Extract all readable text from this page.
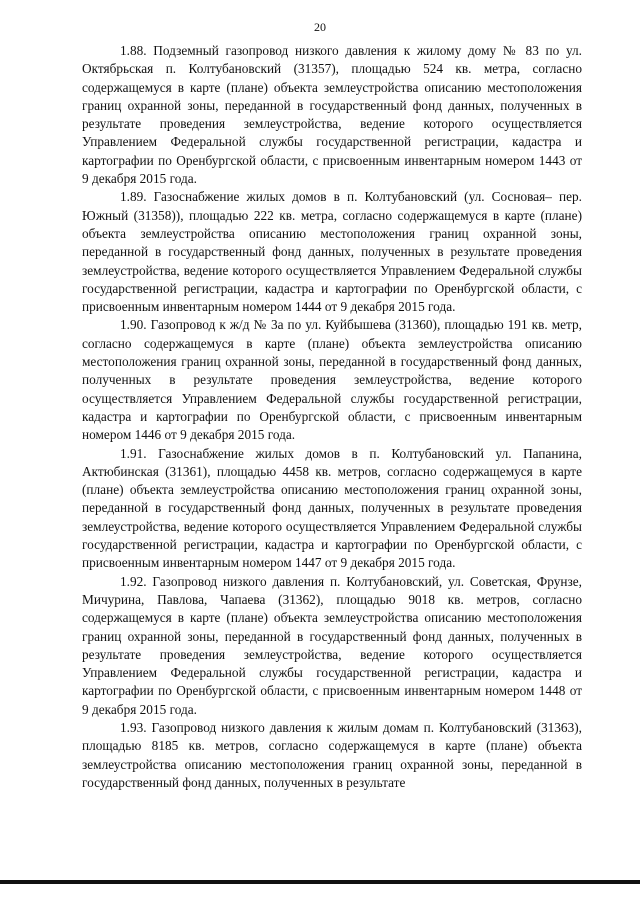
20

1.88. Подземный газопровод низкого давления к жилому дому № 83 по ул. Октябрьская п. Колтубановский (31357), площадью 524 кв. метра, согласно содержащемуся в карте (плане) объекта землеустройства описанию местоположения границ охранной зоны, переданной в государственный фонд данных, полученных в результате проведения землеустройства, ведение которого осуществляется Управлением Федеральной службы государственной регистрации, кадастра и картографии по Оренбургской области, с присвоенным инвентарным номером 1443 от 9 декабря 2015 года.

1.89. Газоснабжение жилых домов в п. Колтубановский (ул. Сосновая– пер. Южный (31358)), площадью 222 кв. метра, согласно содержащемуся в карте (плане) объекта землеустройства описанию местоположения границ охранной зоны, переданной в государственный фонд данных, полученных в результате проведения землеустройства, ведение которого осуществляется Управлением Федеральной службы государственной регистрации, кадастра и картографии по Оренбургской области, с присвоенным инвентарным номером 1444 от 9 декабря 2015 года.

1.90. Газопровод к ж/д № 3а по ул. Куйбышева (31360), площадью 191 кв. метр, согласно содержащемуся в карте (плане) объекта землеустройства описанию местоположения границ охранной зоны, переданной в государственный фонд данных, полученных в результате проведения землеустройства, ведение которого осуществляется Управлением Федеральной службы государственной регистрации, кадастра и картографии по Оренбургской области, с присвоенным инвентарным номером 1446 от 9 декабря 2015 года.

1.91. Газоснабжение жилых домов в п. Колтубановский ул. Папанина, Актюбинская (31361), площадью 4458 кв. метров, согласно содержащемуся в карте (плане) объекта землеустройства описанию местоположения границ охранной зоны, переданной в государственный фонд данных, полученных в результате проведения землеустройства, ведение которого осуществляется Управлением Федеральной службы государственной регистрации, кадастра и картографии по Оренбургской области, с присвоенным инвентарным номером 1447 от 9 декабря 2015 года.

1.92. Газопровод низкого давления п. Колтубановский, ул. Советская, Фрунзе, Мичурина, Павлова, Чапаева (31362), площадью 9018 кв. метров, согласно содержащемуся в карте (плане) объекта землеустройства описанию местоположения границ охранной зоны, переданной в государственный фонд данных, полученных в результате проведения землеустройства, ведение которого осуществляется Управлением Федеральной службы государственной регистрации, кадастра и картографии по Оренбургской области, с присвоенным инвентарным номером 1448 от 9 декабря 2015 года.

1.93. Газопровод низкого давления к жилым домам п. Колтубановский (31363), площадью 8185 кв. метров, согласно содержащемуся в карте (плане) объекта землеустройства описанию местоположения границ охранной зоны, переданной в государственный фонд данных, полученных в результате
